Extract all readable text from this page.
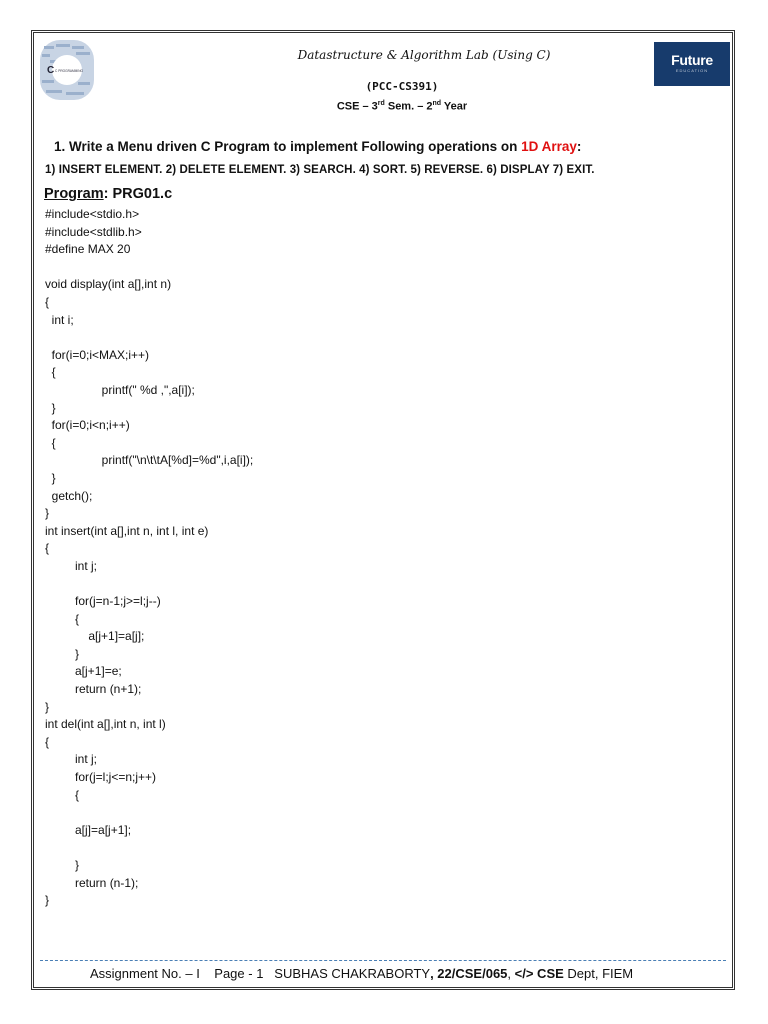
C C PROGRAMMING
Future
EDUCATION
Datastructure & Algorithm Lab (Using C)
(PCC-CS391)
CSE – 3rd Sem. – 2nd Year
1. Write a Menu driven C Program to implement Following operations on 1D Array:
1) INSERT ELEMENT. 2) DELETE ELEMENT. 3) SEARCH. 4) SORT. 5) REVERSE. 6) DISPLAY 7) EXIT.
Program: PRG01.c
#include<stdio.h>
#include<stdlib.h>
#define MAX 20

void display(int a[],int n)
{
int i;

for(i=0;i<MAX;i++)
{
printf(" %d ,",a[i]);
}
for(i=0;i<n;i++)
{
printf("\n\t\tA[%d]=%d",i,a[i]);
}
getch();
}
int insert(int a[],int n, int l, int e)
{
int j;

for(j=n-1;j>=l;j--)
{
a[j+1]=a[j];
}
a[j+1]=e;
return (n+1);
}
int del(int a[],int n, int l)
{
int j;
for(j=l;j<=n;j++)
{

a[j]=a[j+1];

}
return (n-1);
}
Assignment No. – I Page - 1 SUBHAS CHAKRABORTY, 22/CSE/065, </> CSE Dept, FIEM
